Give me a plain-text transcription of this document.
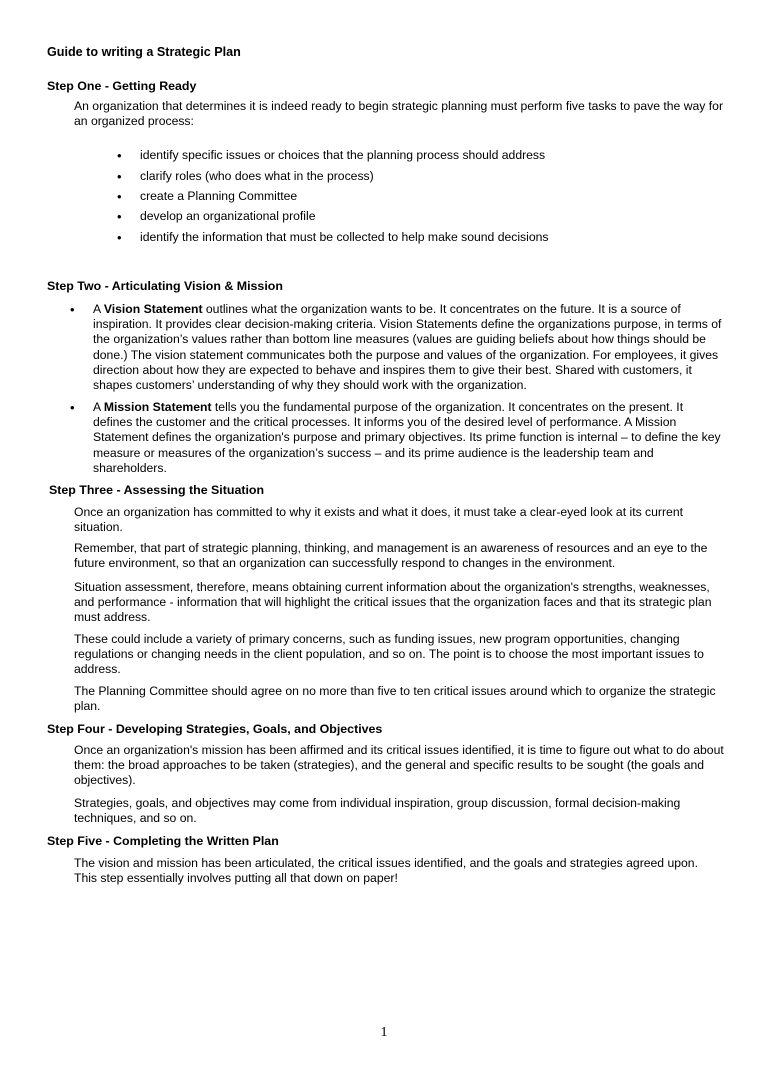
Guide to writing a Strategic Plan
Step One - Getting Ready

An organization that determines it is indeed ready to begin strategic planning must perform five tasks to pave the way for an organized process:

• identify specific issues or choices that the planning process should address
• clarify roles (who does what in the process)
• create a Planning Committee
• develop an organizational profile
• identify the information that must be collected to help make sound decisions
Step Two - Articulating Vision & Mission
• A Vision Statement outlines what the organization wants to be. It concentrates on the future. It is a source of inspiration. It provides clear decision-making criteria. Vision Statements define the organizations purpose, in terms of the organization’s values rather than bottom line measures (values are guiding beliefs about how things should be done.) The vision statement communicates both the purpose and values of the organization. For employees, it gives direction about how they are expected to behave and inspires them to give their best. Shared with customers, it shapes customers’ understanding of why they should work with the organization.
• A Mission Statement tells you the fundamental purpose of the organization. It concentrates on the present. It defines the customer and the critical processes. It informs you of the desired level of performance. A Mission Statement defines the organization's purpose and primary objectives. Its prime function is internal – to define the key measure or measures of the organization’s success – and its prime audience is the leadership team and shareholders.
Step Three - Assessing the Situation

Once an organization has committed to why it exists and what it does, it must take a clear-eyed look at its current situation.

Remember, that part of strategic planning, thinking, and management is an awareness of resources and an eye to the future environment, so that an organization can successfully respond to changes in the environment.

Situation assessment, therefore, means obtaining current information about the organization's strengths, weaknesses, and performance - information that will highlight the critical issues that the organization faces and that its strategic plan must address.

These could include a variety of primary concerns, such as funding issues, new program opportunities, changing regulations or changing needs in the client population, and so on. The point is to choose the most important issues to address.

The Planning Committee should agree on no more than five to ten critical issues around which to organize the strategic plan.

Step Four - Developing Strategies, Goals, and Objectives

Once an organization's mission has been affirmed and its critical issues identified, it is time to figure out what to do about them: the broad approaches to be taken (strategies), and the general and specific results to be sought (the goals and objectives).

Strategies, goals, and objectives may come from individual inspiration, group discussion, formal decision-making techniques, and so on.

Step Five - Completing the Written Plan

The vision and mission has been articulated, the critical issues identified, and the goals and strategies agreed upon. This step essentially involves putting all that down on paper!

1
